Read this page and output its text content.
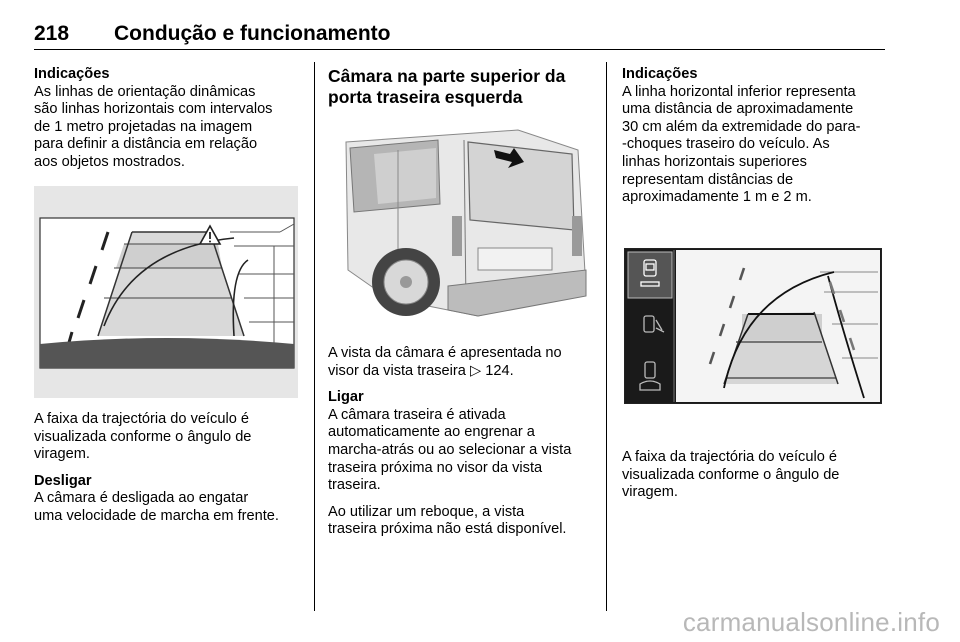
218 Condução e funcionamento

Indicações

As linhas de orientação dinâmicas
são linhas horizontais com intervalos
de 1 metro projetadas na imagem
para definir a distância em relação
aos objetos mostrados.

A faixa da trajectória do veículo é
visualizada conforme o ângulo de
viragem.

Desligar

A câmara é desligada ao engatar
uma velocidade de marcha em frente.

Câmara na parte superior da
porta traseira esquerda

A vista da câmara é apresentada no
visor da vista traseira ▷ 124.

Ligar

A câmara traseira é ativada
automaticamente ao engrenar a
marcha-atrás ou ao selecionar a vista
traseira próxima no visor da vista
traseira.

Ao utilizar um reboque, a vista
traseira próxima não está disponível.

Indicações

A linha horizontal inferior representa
uma distância de aproximadamente
30 cm além da extremidade do para-
-choques traseiro do veículo. As
linhas horizontais superiores
representam distâncias de
aproximadamente 1 m e 2 m.

A faixa da trajectória do veículo é
visualizada conforme o ângulo de
viragem.

carmanualsonline.info
